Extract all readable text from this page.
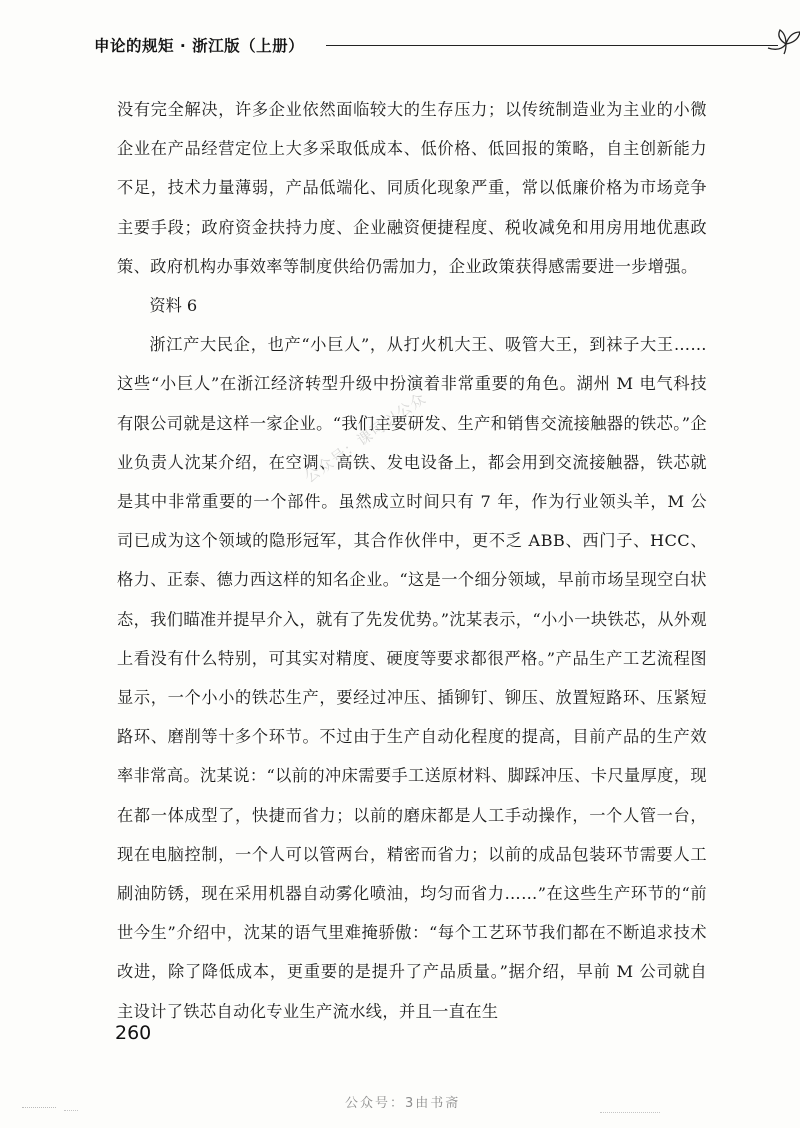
申论的规矩 · 浙江版（上册）

没有完全解决，许多企业依然面临较大的生存压力；以传统制造业为主业的小微企业在产品经营定位上大多采取低成本、低价格、低回报的策略，自主创新能力不足，技术力量薄弱，产品低端化、同质化现象严重，常以低廉价格为市场竞争主要手段；政府资金扶持力度、企业融资便捷程度、税收减免和用房用地优惠政策、政府机构办事效率等制度供给仍需加力，企业政策获得感需要进一步增强。

资料 6

浙江产大民企，也产“小巨人”，从打火机大王、吸管大王，到袜子大王……这些“小巨人”在浙江经济转型升级中扮演着非常重要的角色。湖州 M 电气科技有限公司就是这样一家企业。“我们主要研发、生产和销售交流接触器的铁芯。”企业负责人沈某介绍，在空调、高铁、发电设备上，都会用到交流接触器，铁芯就是其中非常重要的一个部件。虽然成立时间只有 7 年，作为行业领头羊，M 公司已成为这个领域的隐形冠军，其合作伙伴中，更不乏 ABB、西门子、HCC、格力、正泰、德力西这样的知名企业。“这是一个细分领域，早前市场呈现空白状态，我们瞄准并提早介入，就有了先发优势。”沈某表示，“小小一块铁芯，从外观上看没有什么特别，可其实对精度、硬度等要求都很严格。”产品生产工艺流程图显示，一个小小的铁芯生产，要经过冲压、插铆钉、铆压、放置短路环、压紧短路环、磨削等十多个环节。不过由于生产自动化程度的提高，目前产品的生产效率非常高。沈某说：“以前的冲床需要手工送原材料、脚踩冲压、卡尺量厚度，现在都一体成型了，快捷而省力；以前的磨床都是人工手动操作，一个人管一台，现在电脑控制，一个人可以管两台，精密而省力；以前的成品包装环节需要人工刷油防锈，现在采用机器自动雾化喷油，均匀而省力……”在这些生产环节的“前世今生”介绍中，沈某的语气里难掩骄傲：“每个工艺环节我们都在不断追求技术改进，除了降低成本，更重要的是提升了产品质量。”据介绍，早前 M 公司就自主设计了铁芯自动化专业生产流水线，并且一直在生

公众号：课可以公众
260
公众号：3由书斋
